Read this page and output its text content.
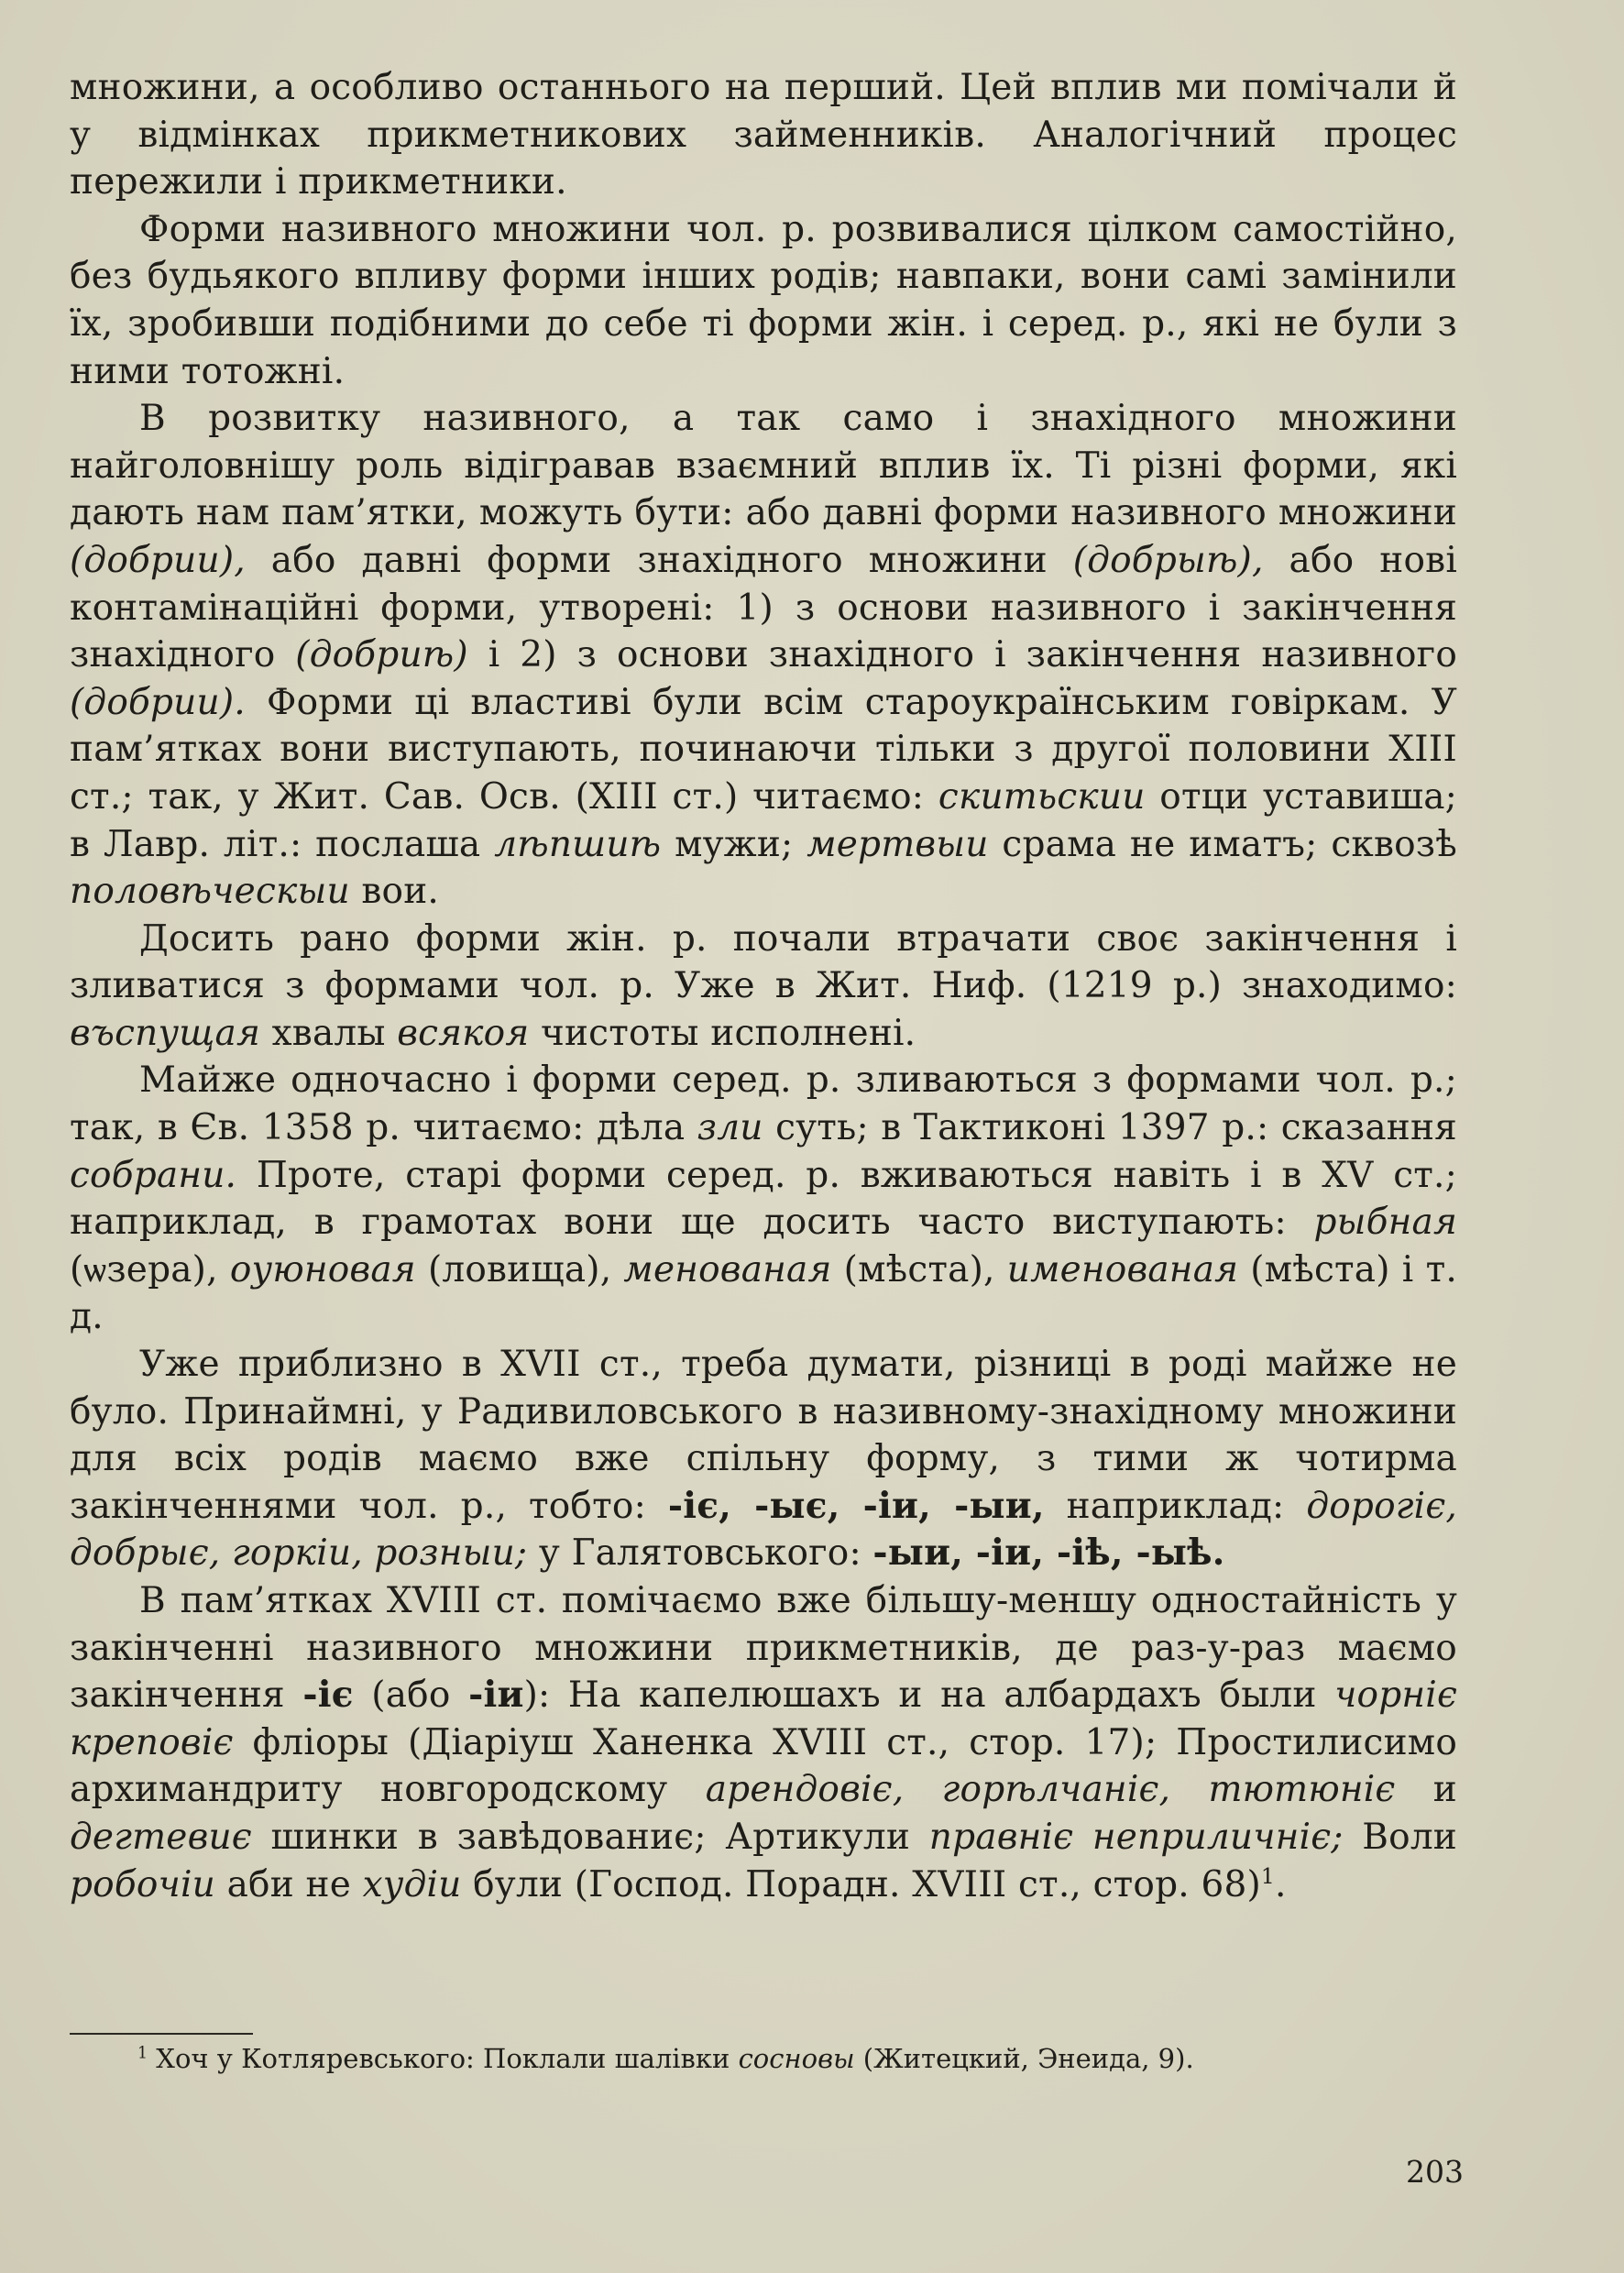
множини, а особливо останнього на перший. Цей вплив ми помічали й у відмінках прикметникових займенників. Аналогічний процес пережили і прикметники.

Форми називного множини чол. р. розвивалися цілком самостійно, без будьякого впливу форми інших родів; навпаки, вони самі замінили їх, зробивши подібними до себе ті форми жін. і серед. р., які не були з ними тотожні.

В розвитку називного, а так само і знахідного множини найголовнішу роль відігравав взаємний вплив їх. Ті різні форми, які дають нам пам’ятки, можуть бути: або давні форми називного множини (добрии), або давні форми знахідного множини (добрыѣ), або нові контамінаційні форми, утворені: 1) з основи називного і закінчення знахідного (добриѣ) і 2) з основи знахідного і закінчення називного (добрии). Форми ці властиві були всім староукраїнським говіркам. У пам’ятках вони виступають, починаючи тільки з другої половини XIII ст.; так, у Жит. Сав. Осв. (XIII ст.) читаємо: скитьскии отци уставиша; в Лавр. літ.: послаша лѣпшиѣ мужи; мертвыи срама не иматъ; сквозѣ половѣческыи вои.

Досить рано форми жін. р. почали втрачати своє закінчення і зливатися з формами чол. р. Уже в Жит. Ниф. (1219 р.) знаходимо: въспущая хвалы всякоя чистоты исполнені.

Майже одночасно і форми серед. р. зливаються з формами чол. р.; так, в Єв. 1358 р. читаємо: дѣла зли суть; в Тактиконі 1397 р.: сказання собрани. Проте, старі форми серед. р. вживаються навіть і в XV ст.; наприклад, в грамотах вони ще досить часто виступають: рыбная (ѡзера), оуюновая (ловища), менованая (мѣста), именованая (мѣста) і т. д.

Уже приблизно в XVII ст., треба думати, різниці в роді майже не було. Принаймні, у Радивиловського в називному-знахідному множини для всіх родів маємо вже спільну форму, з тими ж чотирма закінченнями чол. р., тобто: -іє, -ыє, -іи, -ыи, наприклад: дорогіє, добрыє, горкіи, розныи; у Галятовського: -ыи, -іи, -іѣ, -ыѣ.

В пам’ятках XVIII ст. помічаємо вже більшу-меншу одностайність у закінченні називного множини прикметників, де раз-у-раз маємо закінчення -іє (або -іи): На капелюшахъ и на албардахъ были чорніє креповіє фліоры (Діаріуш Ханенка XVIII ст., стор. 17); Простилисимо архимандриту новгородскому арендовіє, горѣлчаніє, тютюніє и дегтевиє шинки в завѣдованиє; Артикули правніє неприличніє; Воли робочіи аби не худіи були (Господ. Порадн. XVIII ст., стор. 68)$^1$.

$^1$ Хоч у Котляревського: Поклали шалівки сосновы (Житецкий, Энеида, 9).

203
